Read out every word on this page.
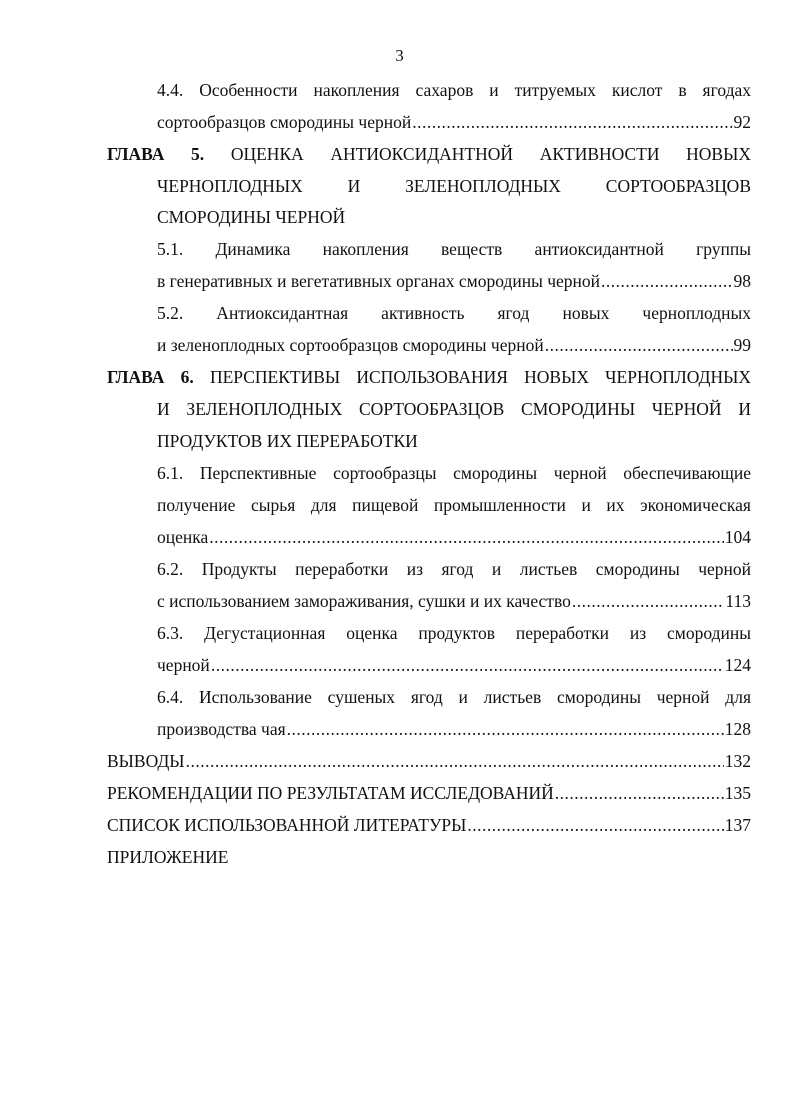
3
4.4. Особенности накопления сахаров и титруемых кислот в ягодах
сортообразцов смородины черной .....	92
ГЛАВА 5. ОЦЕНКА АНТИОКСИДАНТНОЙ АКТИВНОСТИ НОВЫХ
ЧЕРНОПЛОДНЫХ И ЗЕЛЕНОПЛОДНЫХ СОРТООБРАЗЦОВ
СМОРОДИНЫ ЧЕРНОЙ
5.1. Динамика накопления веществ антиоксидантной группы
в генеративных и вегетативных органах смородины черной .....	98
5.2. Антиоксидантная активность ягод новых черноплодных
и зеленоплодных сортообразцов смородины черной .....	99
ГЛАВА 6. ПЕРСПЕКТИВЫ ИСПОЛЬЗОВАНИЯ НОВЫХ ЧЕРНОПЛОДНЫХ
И ЗЕЛЕНОПЛОДНЫХ СОРТООБРАЗЦОВ СМОРОДИНЫ ЧЕРНОЙ И
ПРОДУКТОВ ИХ ПЕРЕРАБОТКИ
6.1. Перспективные сортообразцы смородины черной обеспечивающие
получение сырья для пищевой промышленности и их экономическая
оценка .....	104
6.2. Продукты переработки из ягод и листьев смородины черной
с использованием замораживания, сушки и их качество .....	113
6.3. Дегустационная оценка продуктов переработки из смородины
черной .....	124
6.4. Использование сушеных ягод и листьев смородины черной для
производства чая .....	128
ВЫВОДЫ .....	132
РЕКОМЕНДАЦИИ ПО РЕЗУЛЬТАТАМ ИССЛЕДОВАНИЙ .....	135
СПИСОК ИСПОЛЬЗОВАННОЙ ЛИТЕРАТУРЫ .....	137
ПРИЛОЖЕНИЕ
